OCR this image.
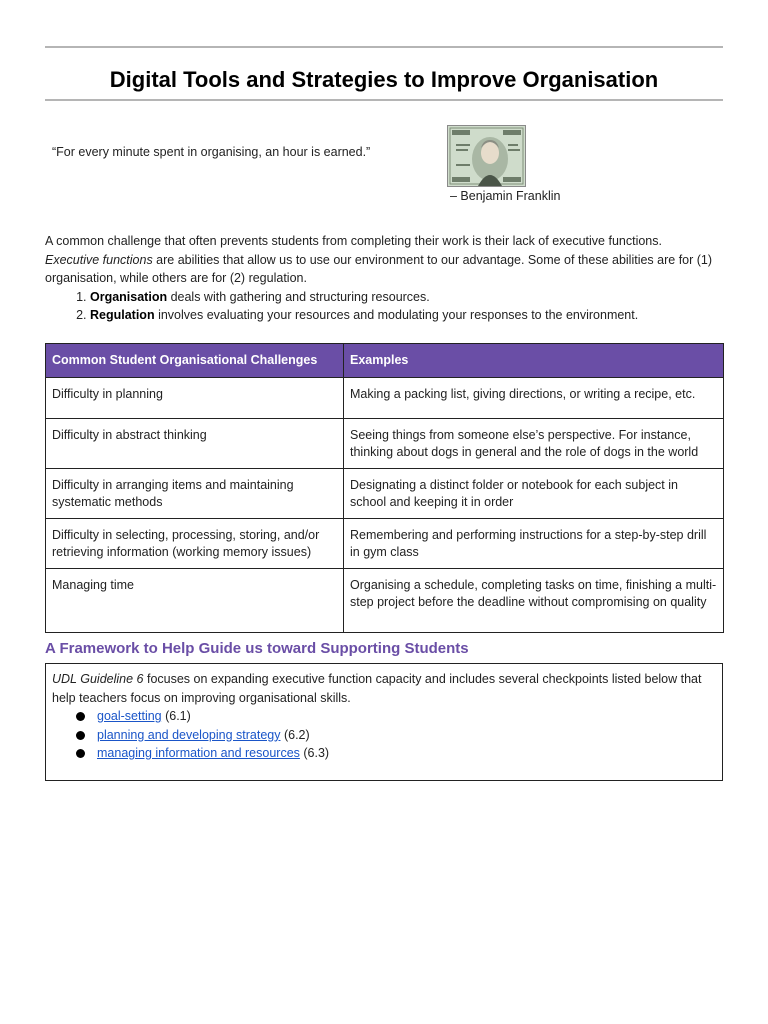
Digital Tools and Strategies to Improve Organisation
“For every minute spent in organising, an hour is earned.”
– Benjamin Franklin

A common challenge that often prevents students from completing their work is their lack of executive functions.

Executive functions are abilities that allow us to use our environment to our advantage. Some of these abilities are for (1) organisation, while others are for (2) regulation.

1. Organisation deals with gathering and structuring resources.
2. Regulation involves evaluating your resources and modulating your responses to the environment.
Common Student Organisational Challenges	Examples
Difficulty in planning	Making a packing list, giving directions, or writing a recipe, etc.
Difficulty in abstract thinking	Seeing things from someone else’s perspective. For instance, thinking about dogs in general and the role of dogs in the world
Difficulty in arranging items and maintaining systematic methods	Designating a distinct folder or notebook for each subject in school and keeping it in order
Difficulty in selecting, processing, storing, and/or retrieving information (working memory issues)	Remembering and performing instructions for a step-by-step drill in gym class
Managing time	Organising a schedule, completing tasks on time, finishing a multi-step project before the deadline without compromising on quality
A Framework to Help Guide us toward Supporting Students

UDL Guideline 6 focuses on expanding executive function capacity and includes several checkpoints listed below that help teachers focus on improving organisational skills.

goal-setting (6.1)
planning and developing strategy (6.2)
managing information and resources (6.3)
